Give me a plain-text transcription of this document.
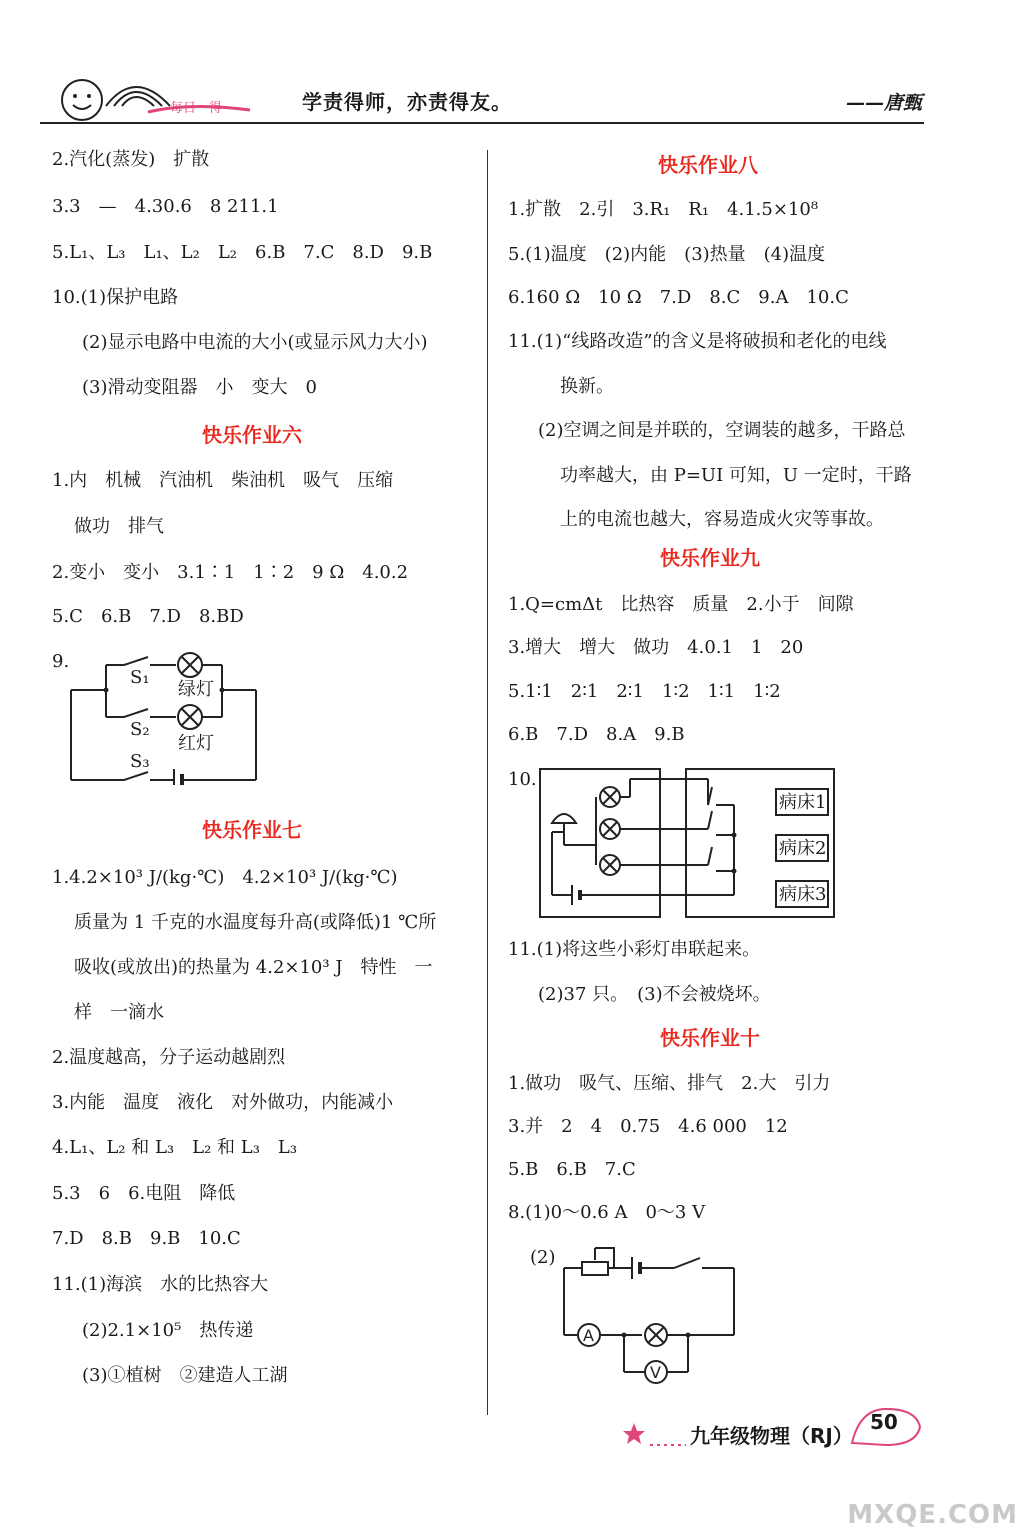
每日一得	学责得师，亦责得友。	——唐甄
2.汽化(蒸发)　扩散
3.3　—　4.30.6　8 211.1
5.L₁、L₃　L₁、L₂　L₂　6.B　7.C　8.D　9.B
10.(1)保护电路
(2)显示电路中电流的大小(或显示风力大小)
(3)滑动变阻器　小　变大　0
快乐作业六
1.内　机械　汽油机　柴油机　吸气　压缩
做功　排气
2.变小　变小　3.1∶1　1∶2　9 Ω　4.0.2
5.C　6.B　7.D　8.BD
9.
S₁
S₂
S₃
绿灯
红灯
快乐作业七
1.4.2×10³ J/(kg·℃)　4.2×10³ J/(kg·℃)
质量为 1 千克的水温度每升高(或降低)1 ℃所
吸收(或放出)的热量为 4.2×10³ J　特性　一
样　一滴水
2.温度越高，分子运动越剧烈
3.内能　温度　液化　对外做功，内能减小
4.L₁、L₂ 和 L₃　L₂ 和 L₃　L₃
5.3　6　6.电阻　降低
7.D　8.B　9.B　10.C
11.(1)海滨　水的比热容大
(2)2.1×10⁵　热传递
(3)①植树　②建造人工湖
快乐作业八
1.扩散　2.引　3.R₁　R₁　4.1.5×10⁸
5.(1)温度　(2)内能　(3)热量　(4)温度
6.160 Ω　10 Ω　7.D　8.C　9.A　10.C
11.(1)“线路改造”的含义是将破损和老化的电线
换新。
(2)空调之间是并联的，空调装的越多，干路总
功率越大，由 P=UI 可知，U 一定时，干路
上的电流也越大，容易造成火灾等事故。
快乐作业九
1.Q=cmΔt　比热容　质量　2.小于　间隙
3.增大　增大　做功　4.0.1　1　20
5.1∶1　2∶1　2∶1　1∶2　1∶1　1∶2
6.B　7.D　8.A　9.B
10.
病床1
病床2
病床3
11.(1)将这些小彩灯串联起来。
(2)37 只。　(3)不会被烧坏。
快乐作业十
1.做功　吸气、压缩、排气　2.大　引力
3.并　2　4　0.75　4.6 000　12
5.B　6.B　7.C
8.(1)0～0.6 A　0～3 V
(2)
A
V
九年级物理（RJ）
50
MXQE.COM
